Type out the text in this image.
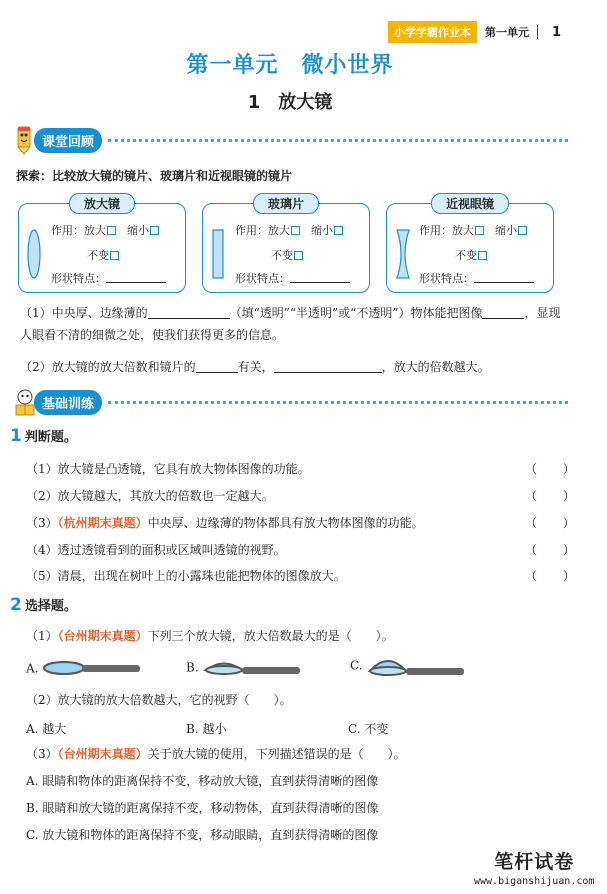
小学学霸作业本	第一单元 1
第一单元　微小世界
1　放大镜
课堂回顾
探索：比较放大镜的镜片、玻璃片和近视眼镜的镜片
放大镜
作用：放大　 缩小
不变
形状特点：
玻璃片
作用：放大　 缩小
不变
形状特点：
近视眼镜
作用：放大　 缩小
不变
形状特点：
（1）中央厚、边缘薄的	（填“透明”“半透明”或“不透明”）物体能把图像	，显现
人眼看不清的细微之处，使我们获得更多的信息。
（2）放大镜的放大倍数和镜片的	有关，	，放大的倍数越大。
基础训练
1 判断题。
（1）放大镜是凸透镜，它具有放大物体图像的功能。	（ ）
（2）放大镜越大，其放大的倍数也一定越大。	（ ）
（3）（杭州期末真题）中央厚、边缘薄的物体都具有放大物体图像的功能。	（ ）
（4）透过透镜看到的面积或区域叫透镜的视野。	（ ）
（5）清晨，出现在树叶上的小露珠也能把物体的图像放大。	（ ）
2 选择题。
（1）（台州期末真题）下列三个放大镜，放大倍数最大的是（　　）。
A.	B.	C.
（2）放大镜的放大倍数越大，它的视野（　　）。
A. 越大	B. 越小	C. 不变
（3）（台州期末真题）关于放大镜的使用，下列描述错误的是（　　）。
A. 眼睛和物体的距离保持不变，移动放大镜，直到获得清晰的图像
B. 眼睛和放大镜的距离保持不变，移动物体，直到获得清晰的图像
C. 放大镜和物体的距离保持不变，移动眼睛，直到获得清晰的图像
笔杆试卷
www.biganshijuan.com
